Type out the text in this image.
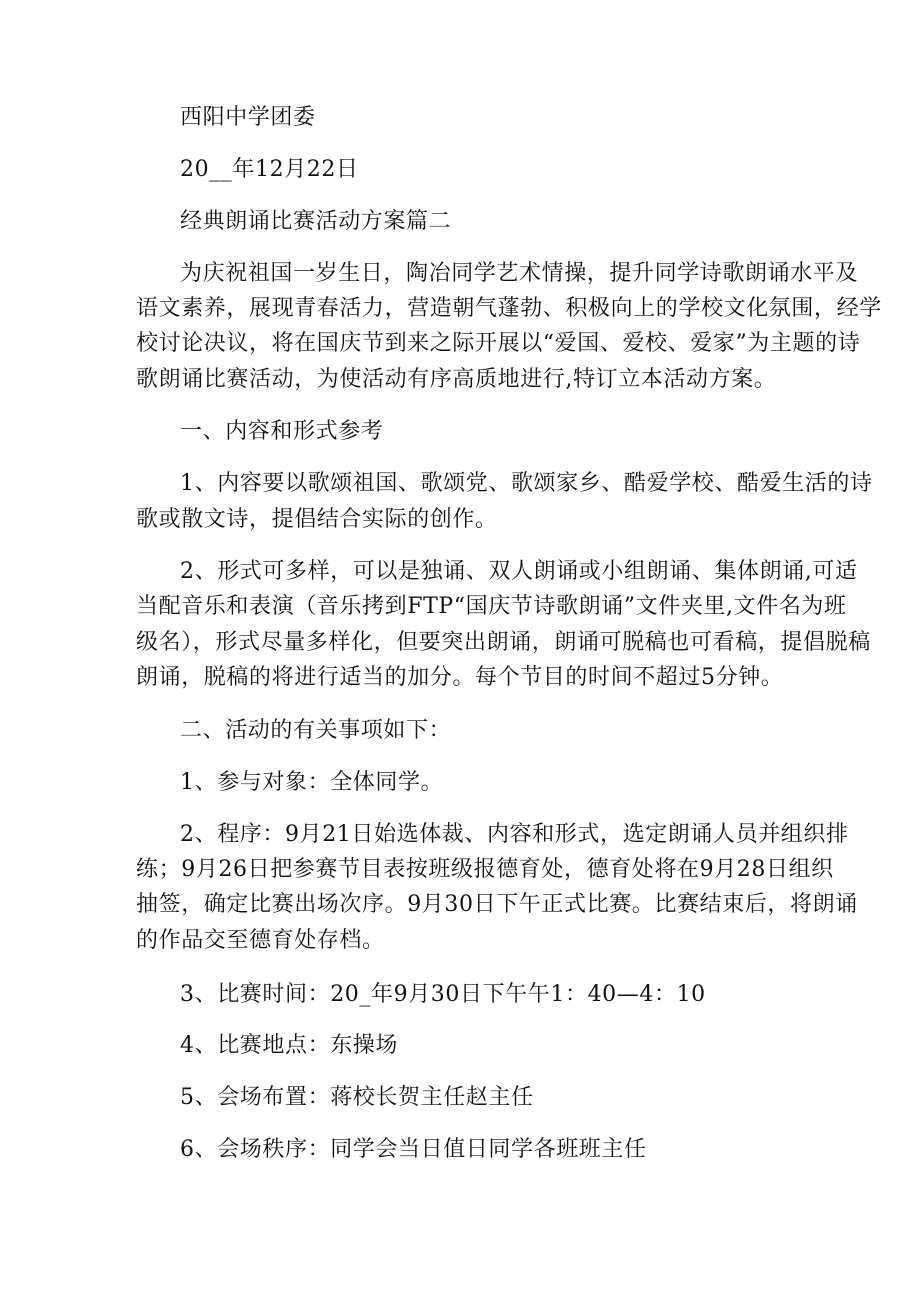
西阳中学团委
20__年12月22日
经典朗诵比赛活动方案篇二
为庆祝祖国一岁生日，陶冶同学艺术情操，提升同学诗歌朗诵水平及
语文素养，展现青春活力，营造朝气蓬勃、积极向上的学校文化氛围，经学
校讨论决议，将在国庆节到来之际开展以“爱国、爱校、爱家”为主题的诗
歌朗诵比赛活动，为使活动有序高质地进行,特订立本活动方案。
一、内容和形式参考
1、内容要以歌颂祖国、歌颂党、歌颂家乡、酷爱学校、酷爱生活的诗
歌或散文诗，提倡结合实际的创作。
2、形式可多样，可以是独诵、双人朗诵或小组朗诵、集体朗诵,可适
当配音乐和表演（音乐拷到FTP“国庆节诗歌朗诵”文件夹里,文件名为班
级名），形式尽量多样化，但要突出朗诵，朗诵可脱稿也可看稿，提倡脱稿
朗诵，脱稿的将进行适当的加分。每个节目的时间不超过5分钟。
二、活动的有关事项如下：
1、参与对象：全体同学。
2、程序：9月21日始选体裁、内容和形式，选定朗诵人员并组织排
练；9月26日把参赛节目表按班级报德育处，德育处将在9月28日组织
抽签，确定比赛出场次序。9月30日下午正式比赛。比赛结束后，将朗诵
的作品交至德育处存档。
3、比赛时间：20_年9月30日下午午1：40—4：10
4、比赛地点：东操场
5、会场布置：蒋校长贺主任赵主任
6、会场秩序：同学会当日值日同学各班班主任
